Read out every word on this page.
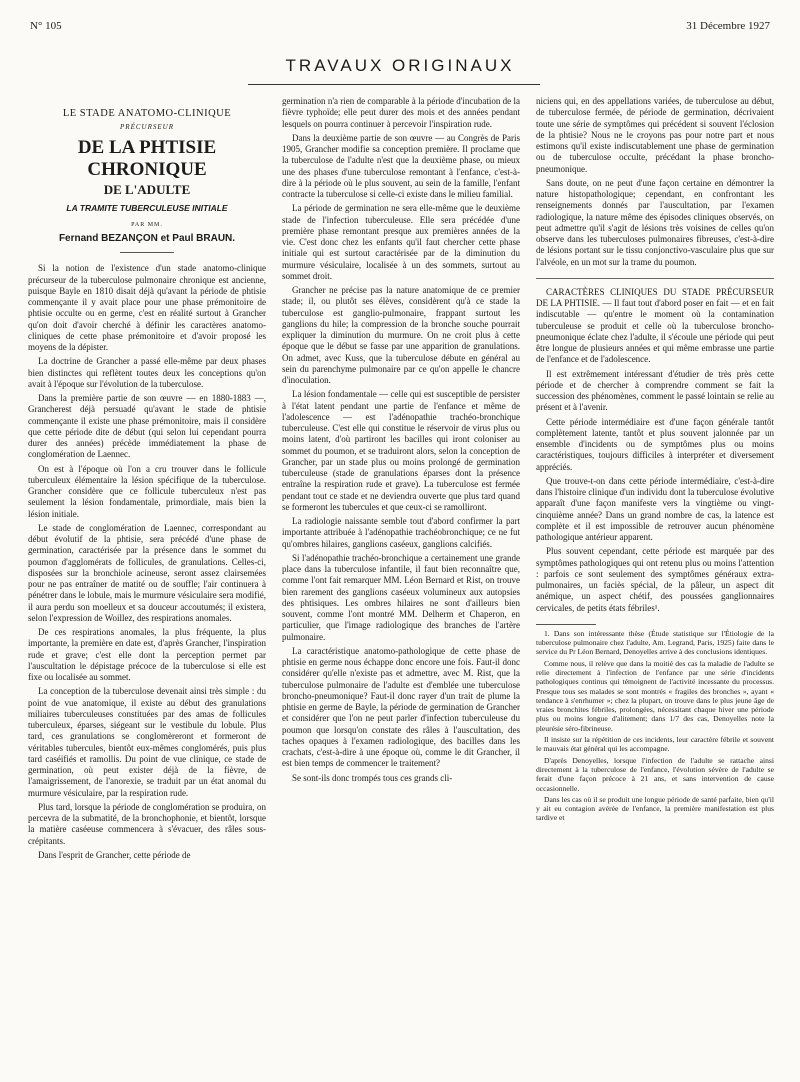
N° 105	31 Décembre 1927
TRAVAUX ORIGINAUX
LE STADE ANATOMO-CLINIQUE
PRÉCURSEUR
DE LA PHTISIE CHRONIQUE
DE L'ADULTE
LA TRAMITE TUBERCULEUSE INITIALE
PAR MM.
Fernand BEZANÇON et Paul BRAUN.

Si la notion de l'existence d'un stade anatomo-clinique précurseur de la tuberculose pulmonaire chronique est ancienne, puisque Bayle en 1810 disait déjà qu'avant la période de phtisie commençante il y avait place pour une phase prémonitoire de phtisie occulte ou en germe, c'est en réalité surtout à Grancher qu'on doit d'avoir cherché à définir les caractères anatomo-cliniques de cette phase prémonitoire et d'avoir proposé les moyens de la dépister.

La doctrine de Grancher a passé elle-même par deux phases bien distinctes qui reflètent toutes deux les conceptions qu'on avait à l'époque sur l'évolution de la tuberculose.

Dans la première partie de son œuvre — en 1880-1883 —, Grancherest déjà persuadé qu'avant le stade de phtisie commençante il existe une phase prémonitoire, mais il considère que cette période dite de début (qui selon lui cependant pourra durer des années) précède immédiatement la phase de conglomération de Laennec.

On est à l'époque où l'on a cru trouver dans le follicule tuberculeux élémentaire la lésion spécifique de la tuberculose. Grancher considère que ce follicule tuberculeux n'est pas seulement la lésion fondamentale, primordiale, mais bien la lésion initiale.

Le stade de conglomération de Laennec, correspondant au début évolutif de la phtisie, sera précédé d'une phase de germination, caractérisée par la présence dans le sommet du poumon d'agglomérats de follicules, de granulations. Celles-ci, disposées sur la bronchiole acineuse, seront assez clairsemées pour ne pas entraîner de matité ou de souffle; l'air continuera à pénétrer dans le lobule, mais le murmure vésiculaire sera modifié, il aura perdu son moelleux et sa douceur accoutumés; il existera, selon l'expression de Woillez, des respirations anomales.

De ces respirations anomales, la plus fréquente, la plus importante, la première en date est, d'après Grancher, l'inspiration rude et grave; c'est elle dont la perception permet par l'auscultation le dépistage précoce de la tuberculose si elle est fixe ou localisée au sommet.

La conception de la tuberculose devenait ainsi très simple : du point de vue anatomique, il existe au début des granulations miliaires tuberculeuses constituées par des amas de follicules tuberculeux, éparses, siégeant sur le vestibule du lobule. Plus tard, ces granulations se conglomèreront et formeront de véritables tubercules, bientôt eux-mêmes conglomérés, puis plus tard caséifiés et ramollis. Du point de vue clinique, ce stade de germination, où peut exister déjà de la fièvre, de l'amaigrissement, de l'anorexie, se traduit par un état anomal du murmure vésiculaire, par la respiration rude.

Plus tard, lorsque la période de conglomération se produira, on percevra de la submatité, de la bronchophonie, et bientôt, lorsque la matière caséeuse commencera à s'évacuer, des râles sous-crépitants.

Dans l'esprit de Grancher, cette période de

germination n'a rien de comparable à la période d'incubation de la fièvre typhoïde; elle peut durer des mois et des années pendant lesquels on pourra continuer à percevoir l'inspiration rude.

Dans la deuxième partie de son œuvre — au Congrès de Paris 1905, Grancher modifie sa conception première. Il proclame que la tuberculose de l'adulte n'est que la deuxième phase, ou mieux une des phases d'une tuberculose remontant à l'enfance, c'est-à-dire à la période où le plus souvent, au sein de la famille, l'enfant contracte la tuberculose si celle-ci existe dans le milieu familial.

La période de germination ne sera elle-même que le deuxième stade de l'infection tuberculeuse. Elle sera précédée d'une première phase remontant presque aux premières années de la vie. C'est donc chez les enfants qu'il faut chercher cette phase initiale qui est surtout caractérisée par de la diminution du murmure vésiculaire, localisée à un des sommets, surtout au sommet droit.

Grancher ne précise pas la nature anatomique de ce premier stade; il, ou plutôt ses élèves, considèrent qu'à ce stade la tuberculose est ganglio-pulmonaire, frappant surtout les ganglions du hile; la compression de la bronche souche pourrait expliquer la diminution du murmure. On ne croit plus à cette époque que le début se fasse par une apparition de granulations. On admet, avec Kuss, que la tuberculose débute en général au sein du parenchyme pulmonaire par ce qu'on appelle le chancre d'inoculation.

La lésion fondamentale — celle qui est susceptible de persister à l'état latent pendant une partie de l'enfance et même de l'adolescence — est l'adénopathie trachéo-bronchique tuberculeuse. C'est elle qui constitue le réservoir de virus plus ou moins latent, d'où partiront les bacilles qui iront coloniser au sommet du poumon, et se traduiront alors, selon la conception de Grancher, par un stade plus ou moins prolongé de germination tuberculeuse (stade de granulations éparses dont la présence entraîne la respiration rude et grave). La tuberculose est fermée pendant tout ce stade et ne deviendra ouverte que plus tard quand se formeront les tubercules et que ceux-ci se ramolliront.

La radiologie naissante semble tout d'abord confirmer la part importante attribuée à l'adénopathie trachéobronchique; ce ne fut qu'ombres hilaires, ganglions caséeux, ganglions calcifiés.

Si l'adénopathie trachéo-bronchique a certainement une grande place dans la tuberculose infantile, il faut bien reconnaître que, comme l'ont fait remarquer MM. Léon Bernard et Rist, on trouve bien rarement des ganglions caséeux volumineux aux autopsies des phtisiques. Les ombres hilaires ne sont d'ailleurs bien souvent, comme l'ont montré MM. Delherm et Chaperon, en particulier, que l'image radiologique des branches de l'artère pulmonaire.

La caractéristique anatomo-pathologique de cette phase de phtisie en germe nous échappe donc encore une fois. Faut-il donc considérer qu'elle n'existe pas et admettre, avec M. Rist, que la tuberculose pulmonaire de l'adulte est d'emblée une tuberculose broncho-pneumonique? Faut-il donc rayer d'un trait de plume la phtisie en germe de Bayle, la période de germination de Grancher et considérer que l'on ne peut parler d'infection tuberculeuse du poumon que lorsqu'on constate des râles à l'auscultation, des taches opaques à l'examen radiologique, des bacilles dans les crachats, c'est-à-dire à une époque où, comme le dit Grancher, il est bien temps de commencer le traitement?

Se sont-ils donc trompés tous ces grands cli-

niciens qui, en des appellations variées, de tuberculose au début, de tuberculose fermée, de période de germination, décrivaient toute une série de symptômes qui précédent si souvent l'éclosion de la phtisie? Nous ne le croyons pas pour notre part et nous estimons qu'il existe indiscutablement une phase de germination ou de tuberculose occulte, précédant la phase broncho-pneumonique.

Sans doute, on ne peut d'une façon certaine en démontrer la nature histopathologique; cependant, en confrontant les renseignements donnés par l'auscultation, par l'examen radiologique, la nature même des épisodes cliniques observés, on peut admettre qu'il s'agit de lésions très voisines de celles qu'on observe dans les tuberculoses pulmonaires fibreuses, c'est-à-dire de lésions portant sur le tissu conjonctivo-vasculaire plus que sur l'alvéole, en un mot sur la trame du poumon.

CARACTÈRES CLINIQUES DU STADE PRÉCURSEUR DE LA PHTISIE. — Il faut tout d'abord poser en fait — et en fait indiscutable — qu'entre le moment où la contamination tuberculeuse se produit et celle où la tuberculose broncho-pneumonique éclate chez l'adulte, il s'écoule une période qui peut être longue de plusieurs années et qui même embrasse une partie de l'enfance et de l'adolescence.

Il est extrêmement intéressant d'étudier de très près cette période et de chercher à comprendre comment se fait la succession des phénomènes, comment le passé lointain se relie au présent et à l'avenir.

Cette période intermédiaire est d'une façon générale tantôt complètement latente, tantôt et plus souvent jalonnée par un ensemble d'incidents ou de symptômes plus ou moins caractéristiques, toujours difficiles à interpréter et diversement appréciés.

Que trouve-t-on dans cette période intermédiaire, c'est-à-dire dans l'histoire clinique d'un individu dont la tuberculose évolutive apparaît d'une façon manifeste vers la vingtième ou vingt-cinquième année? Dans un grand nombre de cas, la latence est complète et il est impossible de retrouver aucun phénomène pathologique antérieur apparent.

Plus souvent cependant, cette période est marquée par des symptômes pathologiques qui ont retenu plus ou moins l'attention : parfois ce sont seulement des symptômes généraux extra-pulmonaires, un faciès spécial, de la pâleur, un aspect dit anémique, un aspect chétif, des poussées ganglionnaires cervicales, de petits états fébriles¹.

1. Dans son intéressante thèse (Étude statistique sur l'Étiologie de la tuberculose pulmonaire chez l'adulte, Am. Legrand, Paris, 1925) faite dans le service du Pr Léon Bernard, Denoyelles arrive à des conclusions identiques.

Comme nous, il relève que dans la moitié des cas la maladie de l'adulte se relie directement à l'infection de l'enfance par une série d'incidents pathologiques continus qui témoignent de l'activité incessante du processus. Presque tous ses malades se sont montrés « fragiles des bronches », ayant « tendance à s'enrhumer »; chez la plupart, on trouve dans le plus jeune âge de vraies bronchites fébriles, prolongées, nécessitant chaque hiver une période plus ou moins longue d'alitement; dans 1/7 des cas, Denoyelles note la pleurésie séro-fibrineuse.

Il insiste sur la répétition de ces incidents, leur caractère fébrile et souvent le mauvais état général qui les accompagne.

D'après Denoyelles, lorsque l'infection de l'adulte se rattache ainsi directement à la tuberculose de l'enfance, l'évolution sévère de l'adulte se ferait d'une façon précoce à 21 ans, et sans intervention de cause occasionnelle.

Dans les cas où il se produit une longue période de santé parfaite, bien qu'il y ait eu contagion avérée de l'enfance, la première manifestation est plus tardive et
